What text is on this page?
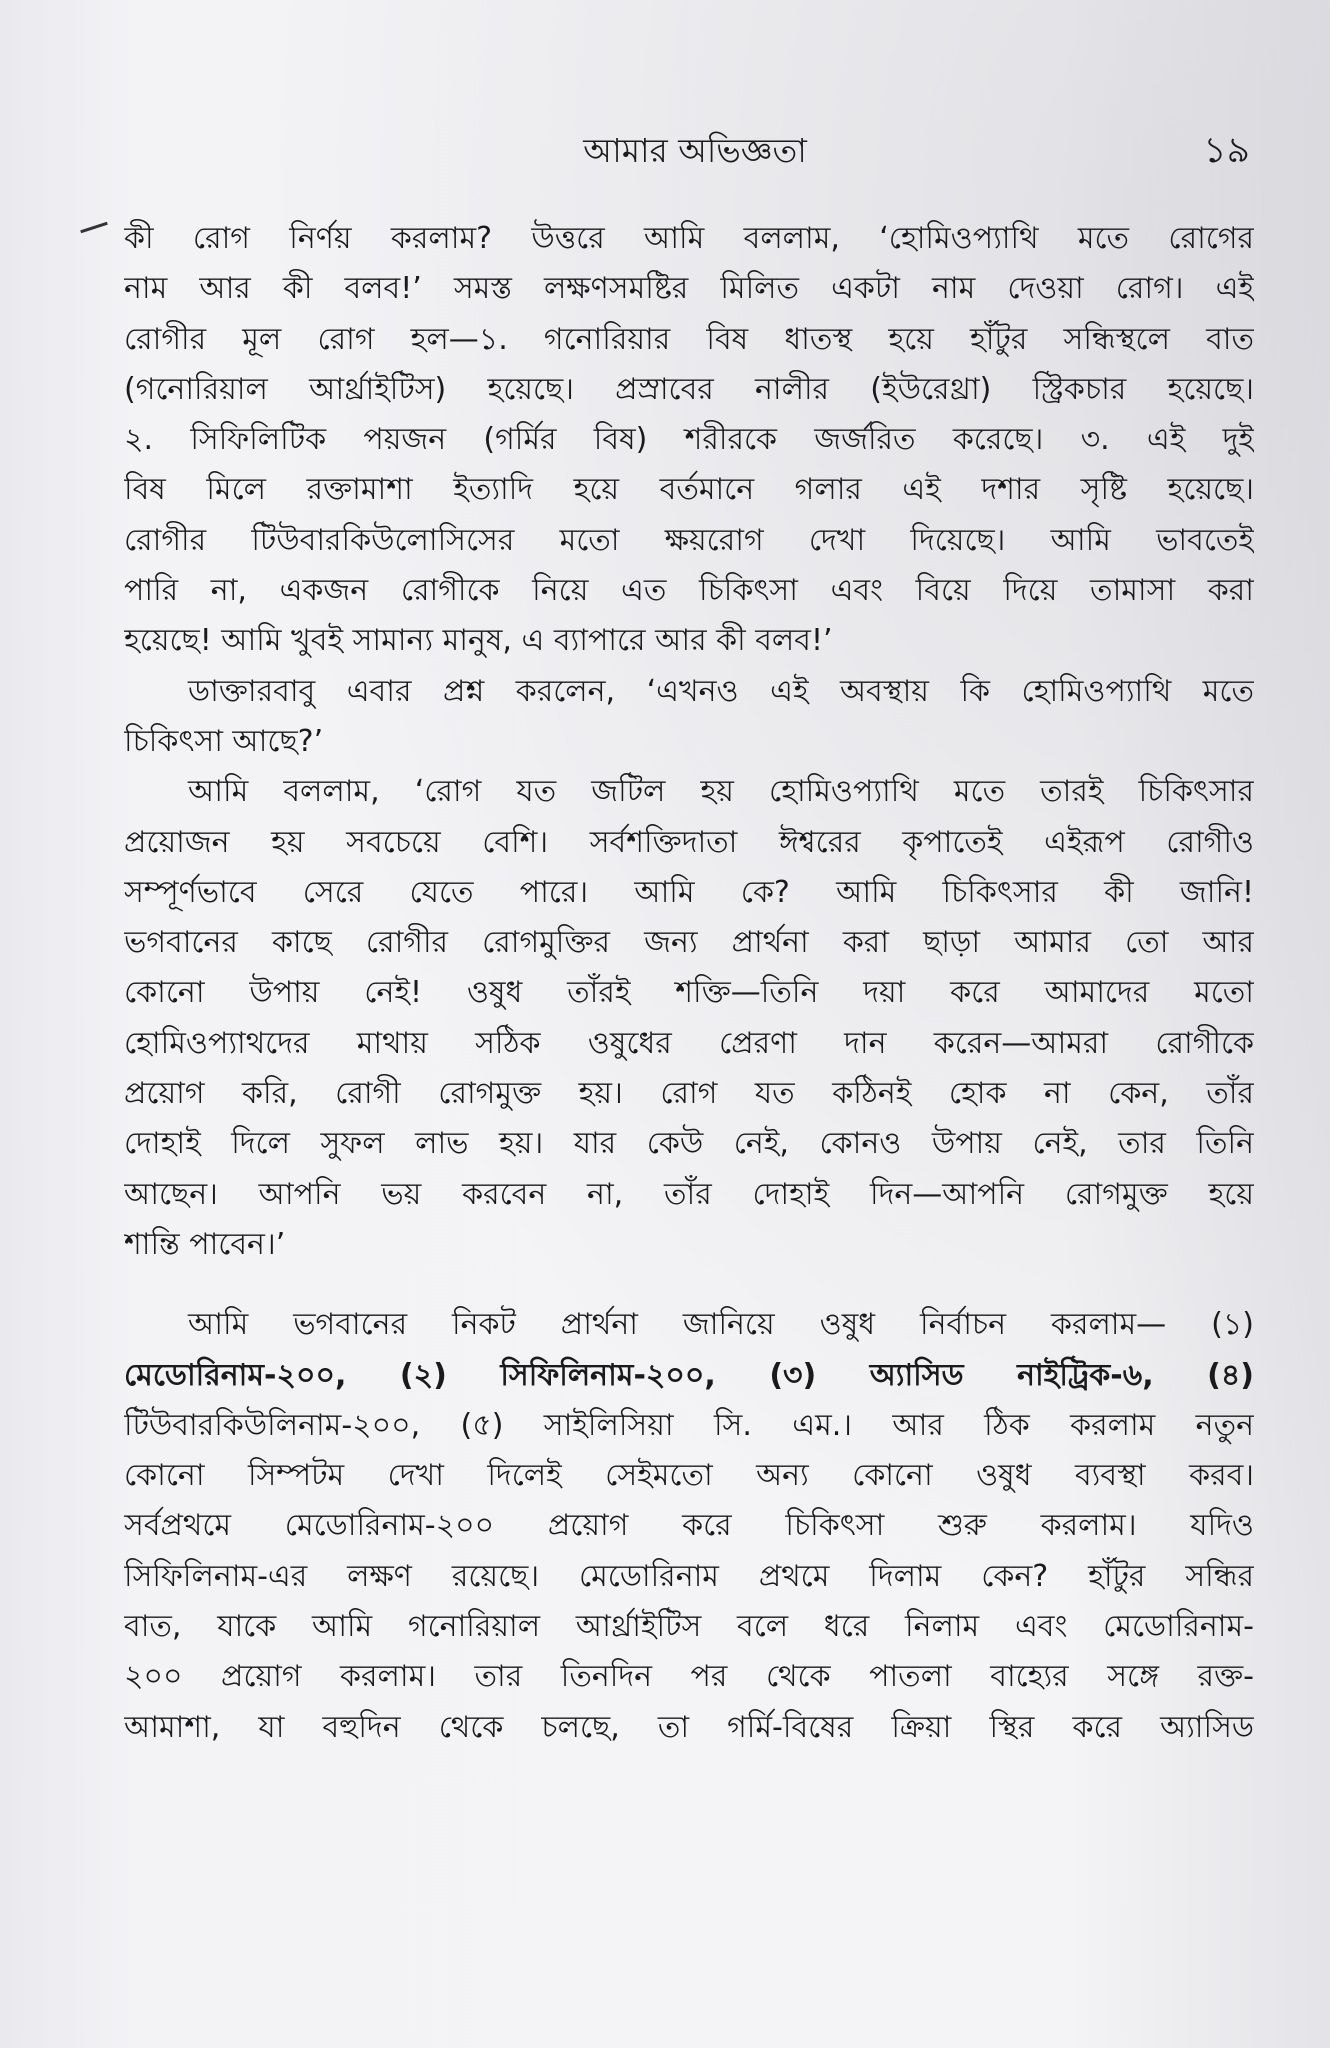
আমার অভিজ্ঞতা	১৯
কী রোগ নির্ণয় করলাম? উত্তরে আমি বললাম, ‘হোমিওপ্যাথি মতে রোগের
নাম আর কী বলব!’ সমস্ত লক্ষণসমষ্টির মিলিত একটা নাম দেওয়া রোগ। এই
রোগীর মূল রোগ হল—১. গনোরিয়ার বিষ ধাতস্থ হয়ে হাঁটুর সন্ধিস্থলে বাত
(গনোরিয়াল আর্থ্রাইটিস) হয়েছে। প্রস্রাবের নালীর (ইউরেথ্রা) স্ট্রিকচার হয়েছে।
২. সিফিলিটিক পয়জন (গর্মির বিষ) শরীরকে জর্জরিত করেছে। ৩. এই দুই
বিষ মিলে রক্তামাশা ইত্যাদি হয়ে বর্তমানে গলার এই দশার সৃষ্টি হয়েছে।
রোগীর টিউবারকিউলোসিসের মতো ক্ষয়রোগ দেখা দিয়েছে। আমি ভাবতেই
পারি না, একজন রোগীকে নিয়ে এত চিকিৎসা এবং বিয়ে দিয়ে তামাসা করা
হয়েছে! আমি খুবই সামান্য মানুষ, এ ব্যাপারে আর কী বলব!’
ডাক্তারবাবু এবার প্রশ্ন করলেন, ‘এখনও এই অবস্থায় কি হোমিওপ্যাথি মতে
চিকিৎসা আছে?’
আমি বললাম, ‘রোগ যত জটিল হয় হোমিওপ্যাথি মতে তারই চিকিৎসার
প্রয়োজন হয় সবচেয়ে বেশি। সর্বশক্তিদাতা ঈশ্বরের কৃপাতেই এইরূপ রোগীও
সম্পূর্ণভাবে সেরে যেতে পারে। আমি কে? আমি চিকিৎসার কী জানি!
ভগবানের কাছে রোগীর রোগমুক্তির জন্য প্রার্থনা করা ছাড়া আমার তো আর
কোনো উপায় নেই! ওষুধ তাঁরই শক্তি—তিনি দয়া করে আমাদের মতো
হোমিওপ্যাথদের মাথায় সঠিক ওষুধের প্রেরণা দান করেন—আমরা রোগীকে
প্রয়োগ করি, রোগী রোগমুক্ত হয়। রোগ যত কঠিনই হোক না কেন, তাঁর
দোহাই দিলে সুফল লাভ হয়। যার কেউ নেই, কোনও উপায় নেই, তার তিনি
আছেন। আপনি ভয় করবেন না, তাঁর দোহাই দিন—আপনি রোগমুক্ত হয়ে
শান্তি পাবেন।’
আমি ভগবানের নিকট প্রার্থনা জানিয়ে ওষুধ নির্বাচন করলাম— (১)
মেডোরিনাম-২০০, (২) সিফিলিনাম-২০০, (৩) অ্যাসিড নাইট্রিক-৬, (৪)
টিউবারকিউলিনাম-২০০, (৫) সাইলিসিয়া সি. এম.। আর ঠিক করলাম নতুন
কোনো সিম্পটম দেখা দিলেই সেইমতো অন্য কোনো ওষুধ ব্যবস্থা করব।
সর্বপ্রথমে মেডোরিনাম-২০০ প্রয়োগ করে চিকিৎসা শুরু করলাম। যদিও
সিফিলিনাম-এর লক্ষণ রয়েছে। মেডোরিনাম প্রথমে দিলাম কেন? হাঁটুর সন্ধির
বাত, যাকে আমি গনোরিয়াল আর্থ্রাইটিস বলে ধরে নিলাম এবং মেডোরিনাম-
২০০ প্রয়োগ করলাম। তার তিনদিন পর থেকে পাতলা বাহ্যের সঙ্গে রক্ত-
আমাশা, যা বহুদিন থেকে চলছে, তা গর্মি-বিষের ক্রিয়া স্থির করে অ্যাসিড
